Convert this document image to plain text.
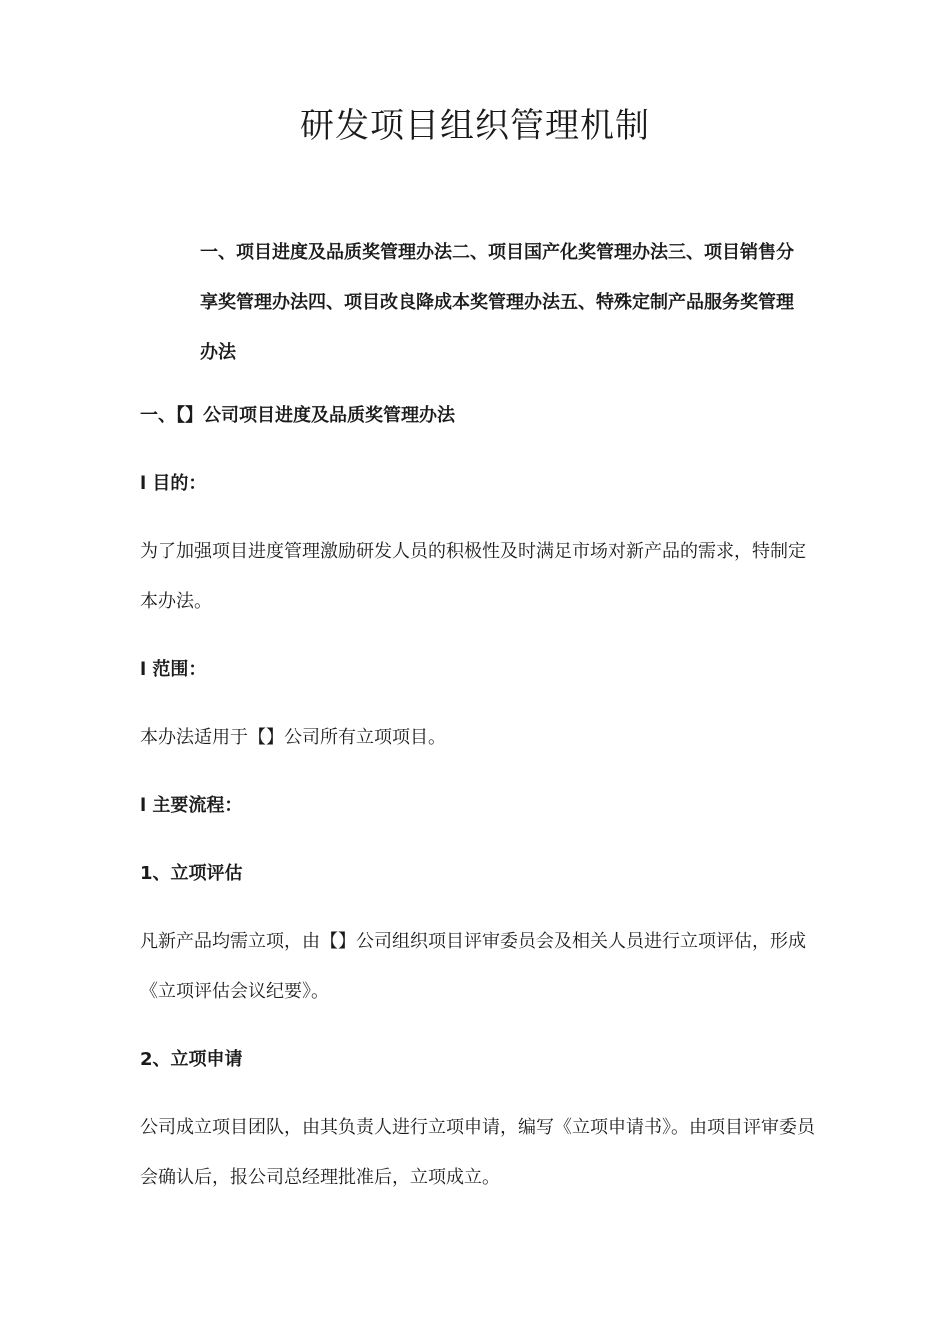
研发项目组织管理机制

一、项目进度及品质奖管理办法二、项目国产化奖管理办法三、项目销售分享奖管理办法四、项目改良降成本奖管理办法五、特殊定制产品服务奖管理办法

一、【】公司项目进度及品质奖管理办法

l 目的：

为了加强项目进度管理激励研发人员的积极性及时满足市场对新产品的需求，特制定本办法。

l 范围：

本办法适用于【】公司所有立项项目。

l 主要流程：

1、立项评估

凡新产品均需立项，由【】公司组织项目评审委员会及相关人员进行立项评估，形成《立项评估会议纪要》。

2、立项申请

公司成立项目团队，由其负责人进行立项申请，编写《立项申请书》。由项目评审委员会确认后，报公司总经理批准后，立项成立。
